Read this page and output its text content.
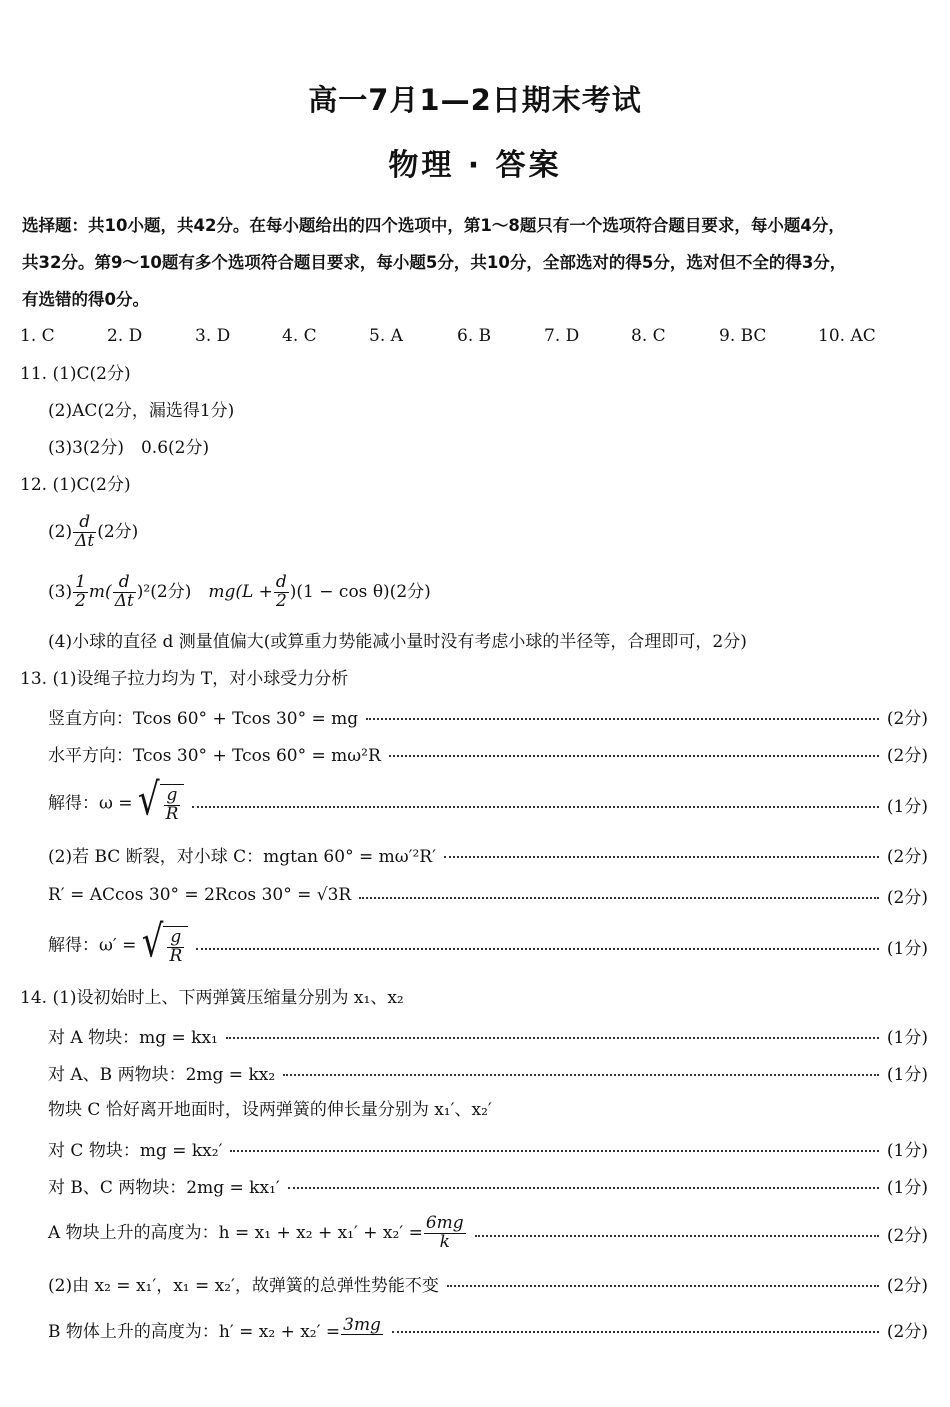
高一7月1—2日期末考试
物理 · 答案
选择题：共10小题，共42分。在每小题给出的四个选项中，第1～8题只有一个选项符合题目要求，每小题4分，
共32分。第9～10题有多个选项符合题目要求，每小题5分，共10分，全部选对的得5分，选对但不全的得3分，
有选错的得0分。
1. C	2. D	3. D	4. C	5. A	6. B	7. D	8. C	9. BC	10. AC
11. (1)C(2分)
(2)AC(2分，漏选得1分)
(3)3(2分)　0.6(2分)
12. (1)C(2分)
$(2) \frac{d}{\Delta t} (2$分)
$(3) \frac{1}{2} m( \frac{d}{\Delta t} )^2(2$分)　$mg(L + \frac{d}{2} )(1 - \cos \theta)(2$分)
(4)小球的直径 d 测量值偏大(或算重力势能减小量时没有考虑小球的半径等，合理即可，2分)
13. (1)设绳子拉力均为 T，对小球受力分析
竖直方向：Tcos 60° + Tcos 30° = mg	(2分)
水平方向：Tcos 30° + Tcos 60° = mω²R	(2分)
解得：ω = √ $\frac{g}{R}$	(1分)
(2)若 BC 断裂，对小球 C：mgtan 60° = mω′²R′	(2分)
R′ = ACcos 30° = 2Rcos 30° = √3R	(2分)
解得：ω′ = √ $\frac{g}{R}$	(1分)
14. (1)设初始时上、下两弹簧压缩量分别为 x₁、x₂
对 A 物块：mg = kx₁	(1分)
对 A、B 两物块：2mg = kx₂	(1分)
物块 C 恰好离开地面时，设两弹簧的伸长量分别为 x₁′、x₂′
对 C 物块：mg = kx₂′	(1分)
对 B、C 两物块：2mg = kx₁′	(1分)
A 物块上升的高度为：$h = x_1 + x_2 + x_1' + x_2' = \frac{6mg}{k}$	(2分)
(2)由 x₂ = x₁′，x₁ = x₂′，故弹簧的总弹性势能不变	(2分)
B 物体上升的高度为：h′ = x₂ + x₂′ = 3mg	(2分)
